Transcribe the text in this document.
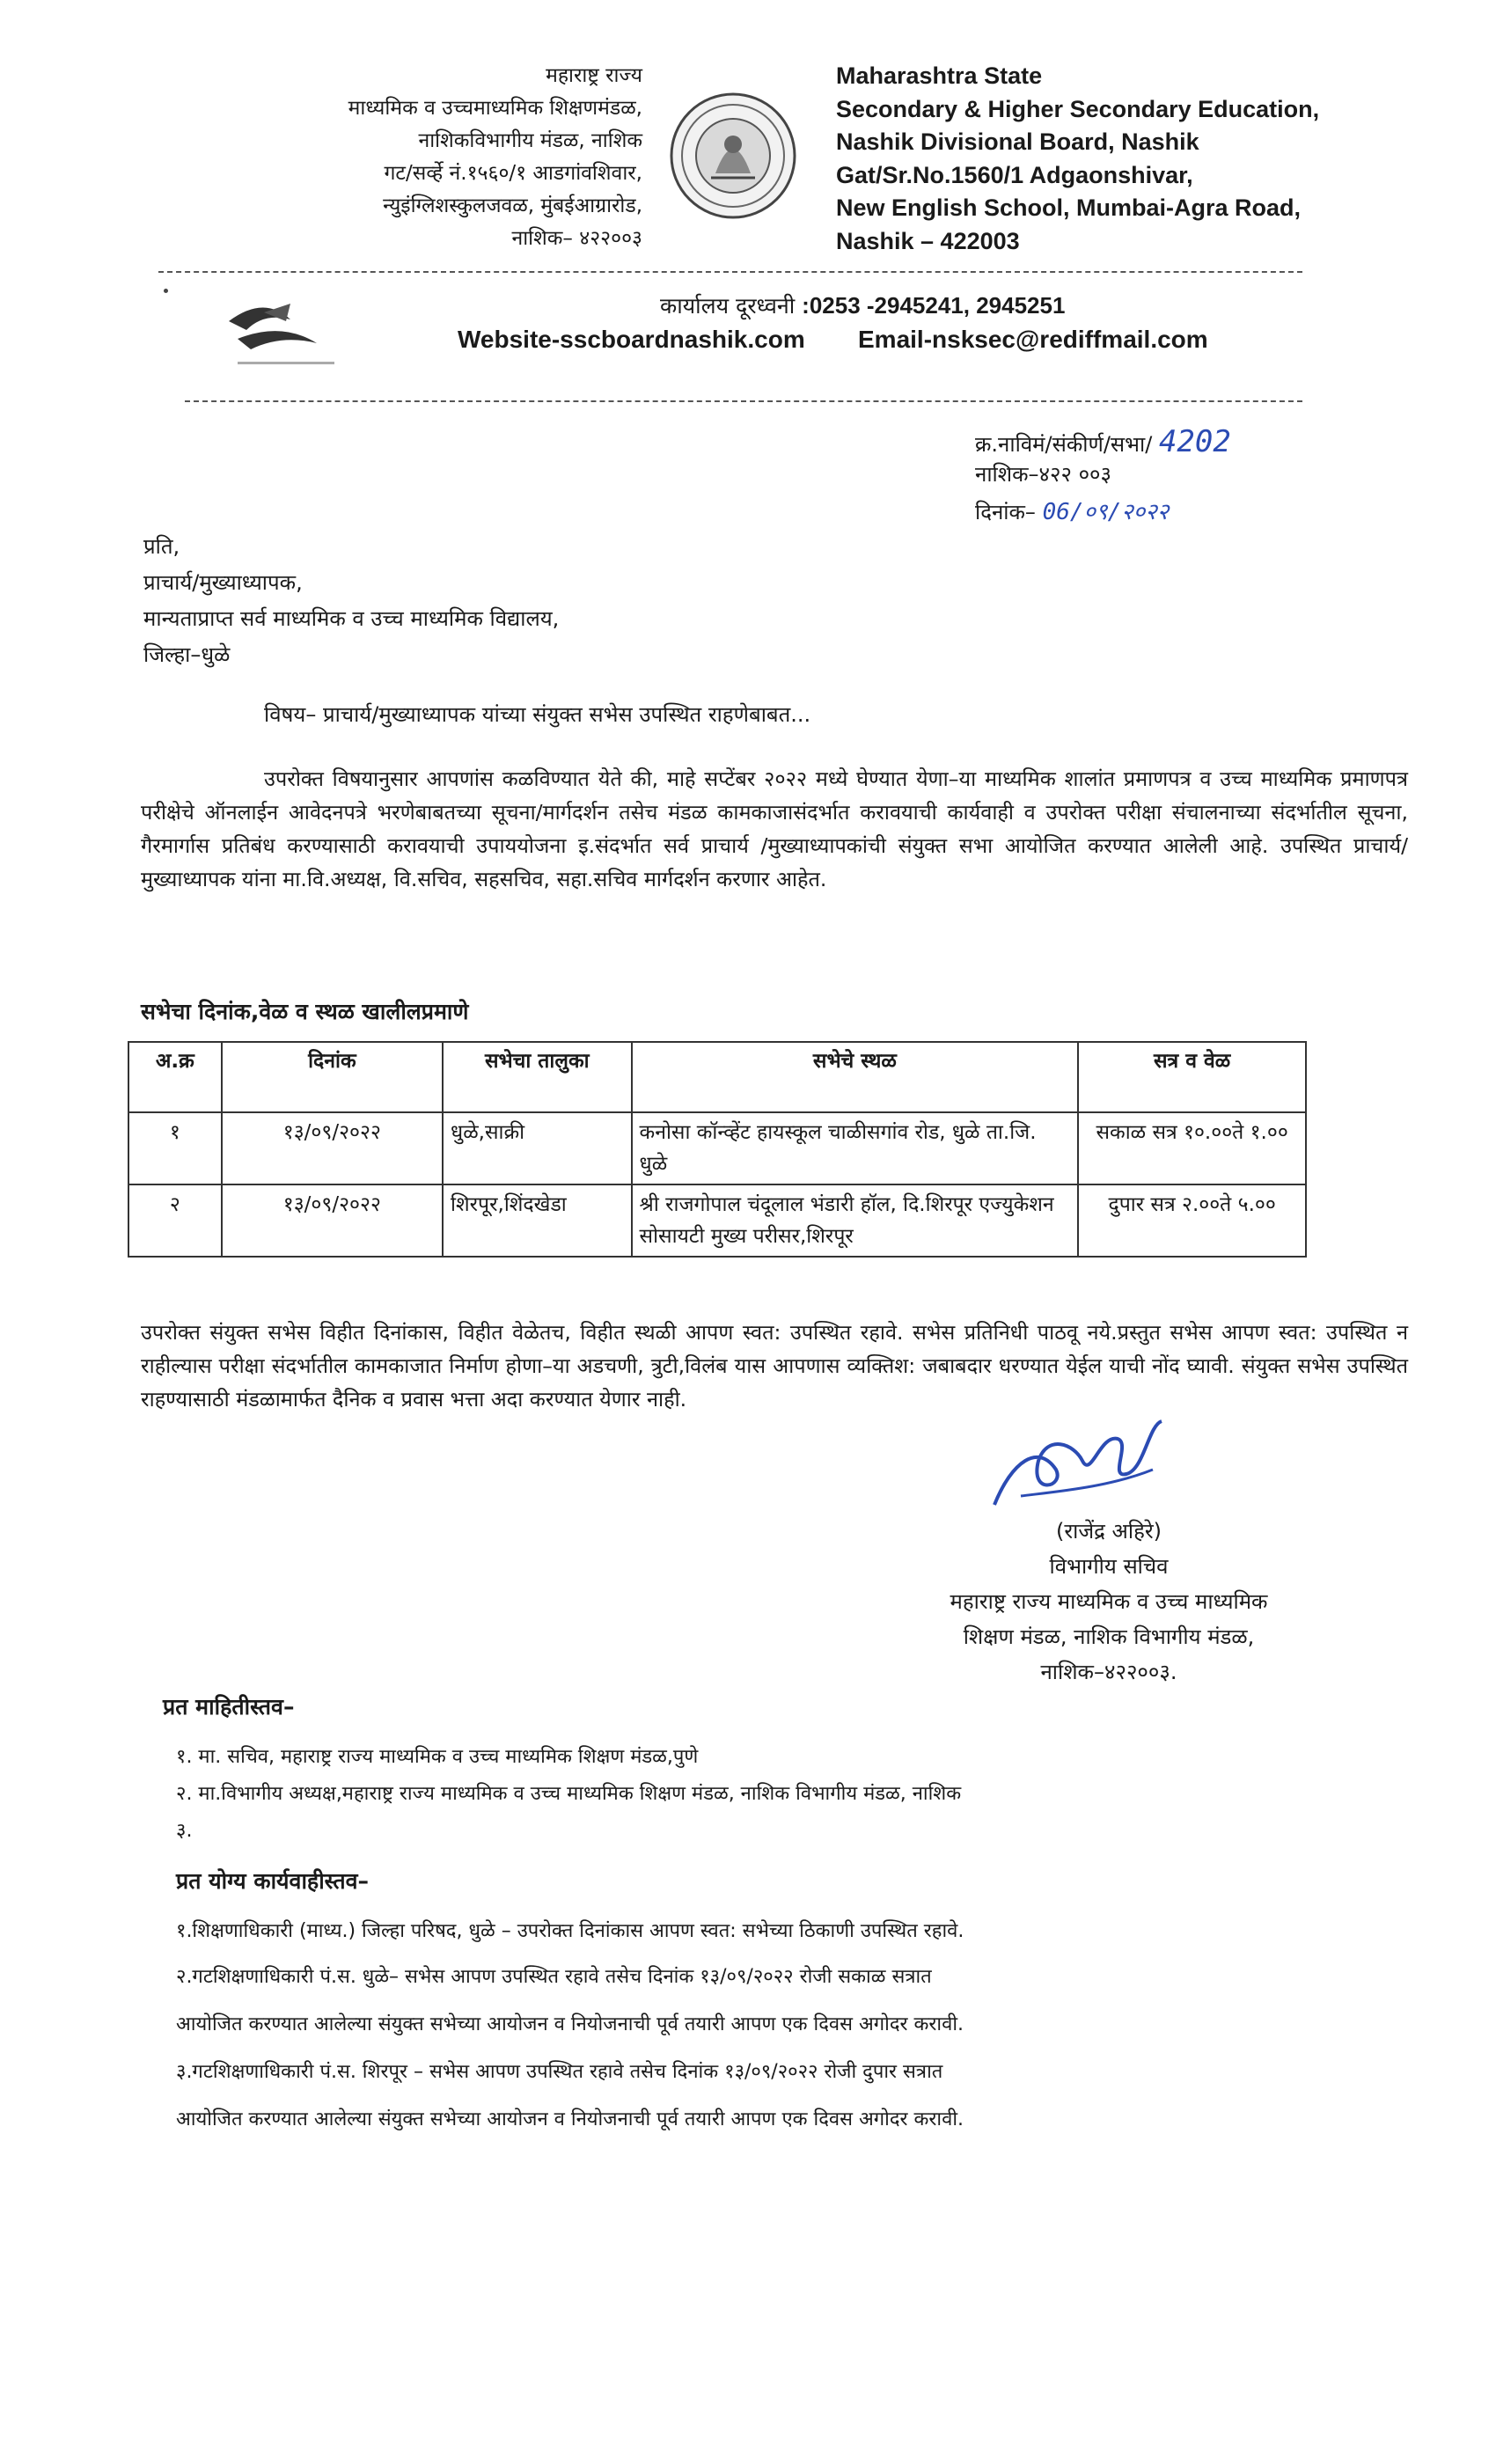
महाराष्ट्र राज्य
माध्यमिक व उच्चमाध्यमिक शिक्षणमंडळ,
नाशिकविभागीय मंडळ, नाशिक
गट/सर्व्हे नं.१५६०/१ आडगांवशिवार,
न्युइंग्लिशस्कुलजवळ, मुंबईआग्रारोड,
नाशिक– ४२२००३
Maharashtra State
Secondary & Higher Secondary Education,
Nashik Divisional Board, Nashik
Gat/Sr.No.1560/1 Adgaonshivar,
New English School, Mumbai-Agra Road,
Nashik – 422003
कार्यालय दूरध्वनी :0253 -2945241, 2945251
Website-sscboardnashik.com Email-nsksec@rediffmail.com
क्र.नाविमं/संकीर्ण/सभा/ 4202
नाशिक–४२२ ००३
दिनांक– 06/०९/२०२२
प्रति,
प्राचार्य/मुख्याध्यापक,
मान्यताप्राप्त सर्व माध्यमिक व उच्च माध्यमिक विद्यालय,
जिल्हा–धुळे
विषय– प्राचार्य/मुख्याध्यापक यांच्या संयुक्त सभेस उपस्थित राहणेबाबत...
उपरोक्त विषयानुसार आपणांस कळविण्यात येते की, माहे सप्टेंबर २०२२ मध्ये घेण्यात येणा–या माध्यमिक शालांत प्रमाणपत्र व उच्च माध्यमिक प्रमाणपत्र परीक्षेचे ऑनलाईन आवेदनपत्रे भरणेबाबतच्या सूचना/मार्गदर्शन तसेच मंडळ कामकाजासंदर्भात करावयाची कार्यवाही व उपरोक्त परीक्षा संचालनाच्या संदर्भातील सूचना, गैरमार्गास प्रतिबंध करण्यासाठी करावयाची उपाययोजना इ.संदर्भात सर्व प्राचार्य /मुख्याध्यापकांची संयुक्त सभा आयोजित करण्यात आलेली आहे. उपस्थित प्राचार्य/मुख्याध्यापक यांना मा.वि.अध्यक्ष, वि.सचिव, सहसचिव, सहा.सचिव मार्गदर्शन करणार आहेत.
सभेचा दिनांक,वेळ व स्थळ खालीलप्रमाणे
अ.क्र	दिनांक	सभेचा तालुका	सभेचे स्थळ	सत्र व वेळ
१	१३/०९/२०२२	धुळे,साक्री	कनोसा कॉन्व्हेंट हायस्कूल चाळीसगांव रोड, धुळे ता.जि. धुळे	सकाळ सत्र १०.००ते १.००
२	१३/०९/२०२२	शिरपूर,शिंदखेडा	श्री राजगोपाल चंदूलाल भंडारी हॉल, दि.शिरपूर एज्युकेशन सोसायटी मुख्य परीसर,शिरपूर	दुपार सत्र २.००ते ५.००
उपरोक्त संयुक्त सभेस विहीत दिनांकास, विहीत वेळेतच, विहीत स्थळी आपण स्वत: उपस्थित रहावे. सभेस प्रतिनिधी पाठवू नये.प्रस्तुत सभेस आपण स्वत: उपस्थित न राहील्यास परीक्षा संदर्भातील कामकाजात निर्माण होणा–या अडचणी, त्रुटी,विलंब यास आपणास व्यक्तिश: जबाबदार धरण्यात येईल याची नोंद घ्यावी. संयुक्त सभेस उपस्थित राहण्यासाठी मंडळामार्फत दैनिक व प्रवास भत्ता अदा करण्यात येणार नाही.
(राजेंद्र अहिरे)
विभागीय सचिव
महाराष्ट्र राज्य माध्यमिक व उच्च माध्यमिक
शिक्षण मंडळ, नाशिक विभागीय मंडळ,
नाशिक–४२२००३.
प्रत माहितीस्तव–
१. मा. सचिव, महाराष्ट्र राज्य माध्यमिक व उच्च माध्यमिक शिक्षण मंडळ,पुणे
२. मा.विभागीय अध्यक्ष,महाराष्ट्र राज्य माध्यमिक व उच्च माध्यमिक शिक्षण मंडळ, नाशिक विभागीय मंडळ, नाशिक
३.
प्रत योग्य कार्यवाहीस्तव–
१.शिक्षणाधिकारी (माध्य.) जिल्हा परिषद, धुळे – उपरोक्त दिनांकास आपण स्वत: सभेच्या ठिकाणी उपस्थित रहावे.
२.गटशिक्षणाधिकारी पं.स. धुळे– सभेस आपण उपस्थित रहावे तसेच दिनांक १३/०९/२०२२ रोजी सकाळ सत्रात
आयोजित करण्यात आलेल्या संयुक्त सभेच्या आयोजन व नियोजनाची पूर्व तयारी आपण एक दिवस अगोदर करावी.
३.गटशिक्षणाधिकारी पं.स. शिरपूर – सभेस आपण उपस्थित रहावे तसेच दिनांक १३/०९/२०२२ रोजी दुपार सत्रात
आयोजित करण्यात आलेल्या संयुक्त सभेच्या आयोजन व नियोजनाची पूर्व तयारी आपण एक दिवस अगोदर करावी.
